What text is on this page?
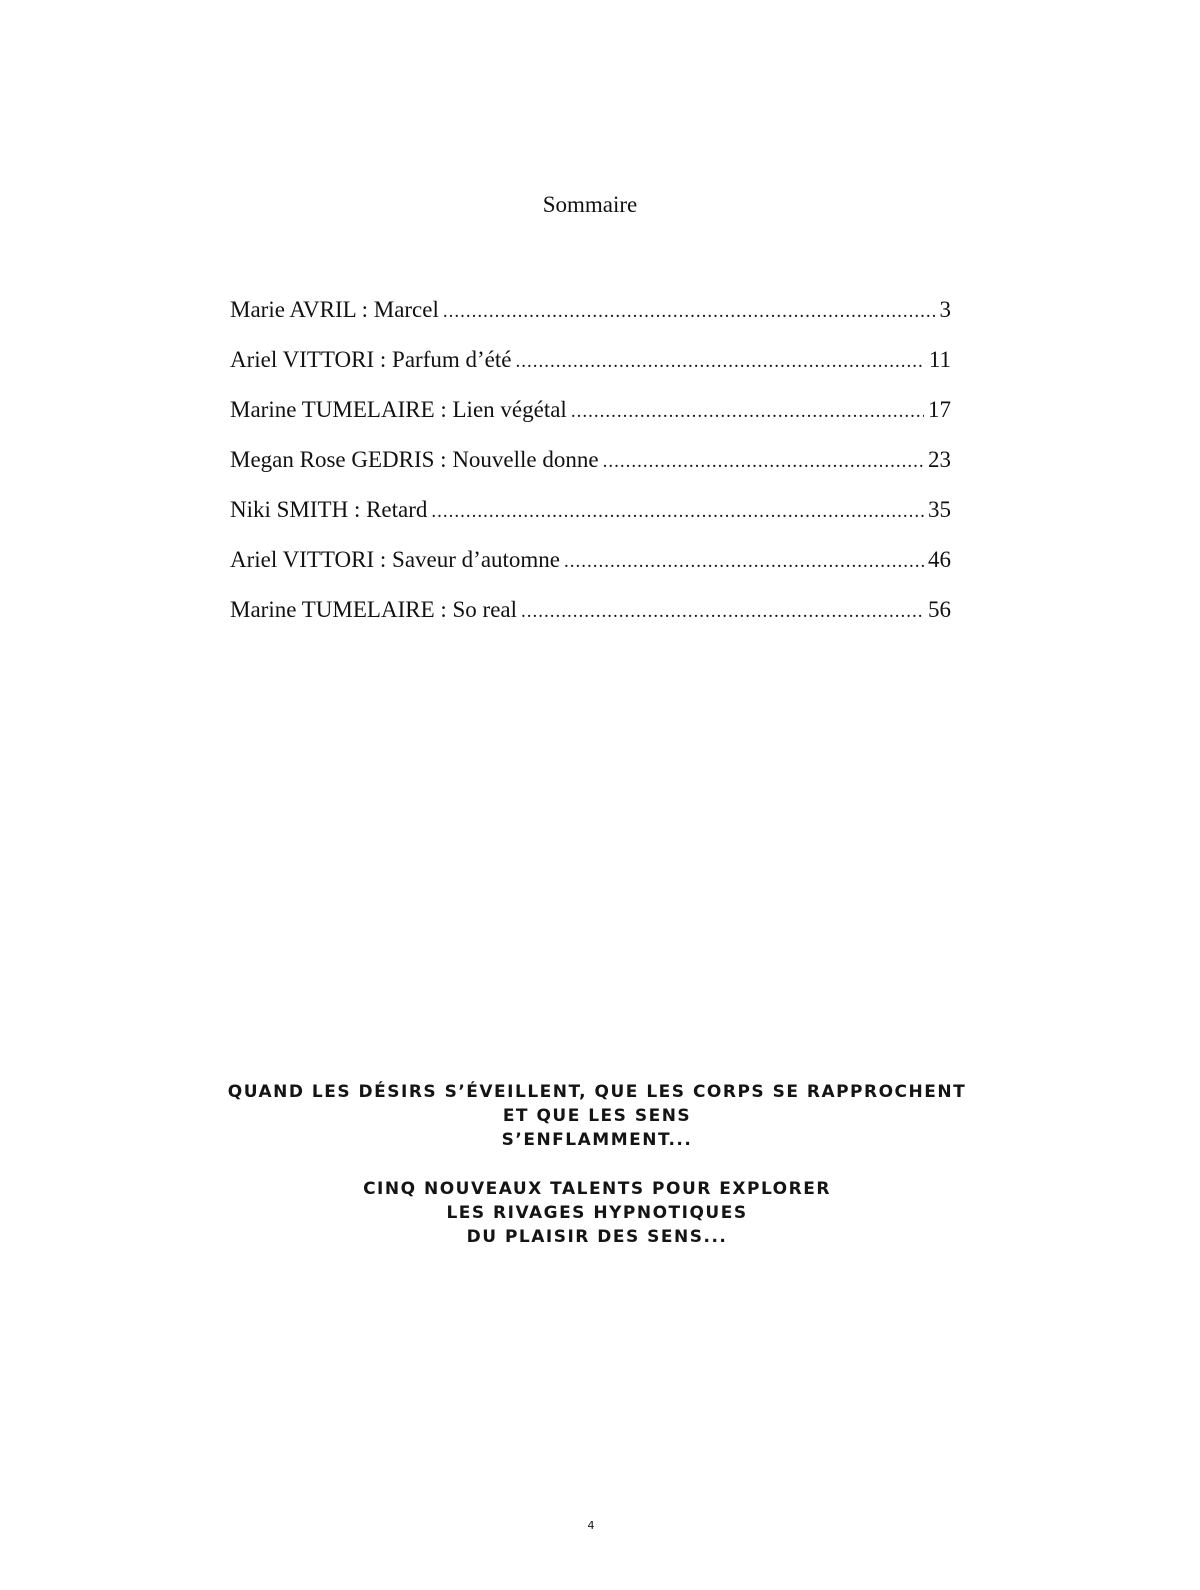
Sommaire
Marie AVRIL : Marcel .....	3
Ariel VITTORI : Parfum d’été .....	11
Marine TUMELAIRE : Lien végétal .....	17
Megan Rose GEDRIS : Nouvelle donne .....	23
Niki SMITH : Retard .....	35
Ariel VITTORI : Saveur d’automne .....	46
Marine TUMELAIRE : So real .....	56
QUAND LES DÉSIRS S’ÉVEILLENT, QUE LES CORPS SE RAPPROCHENT
ET QUE LES SENS
S’ENFLAMMENT...
CINQ NOUVEAUX TALENTS POUR EXPLORER
LES RIVAGES HYPNOTIQUES
DU PLAISIR DES SENS...
4
